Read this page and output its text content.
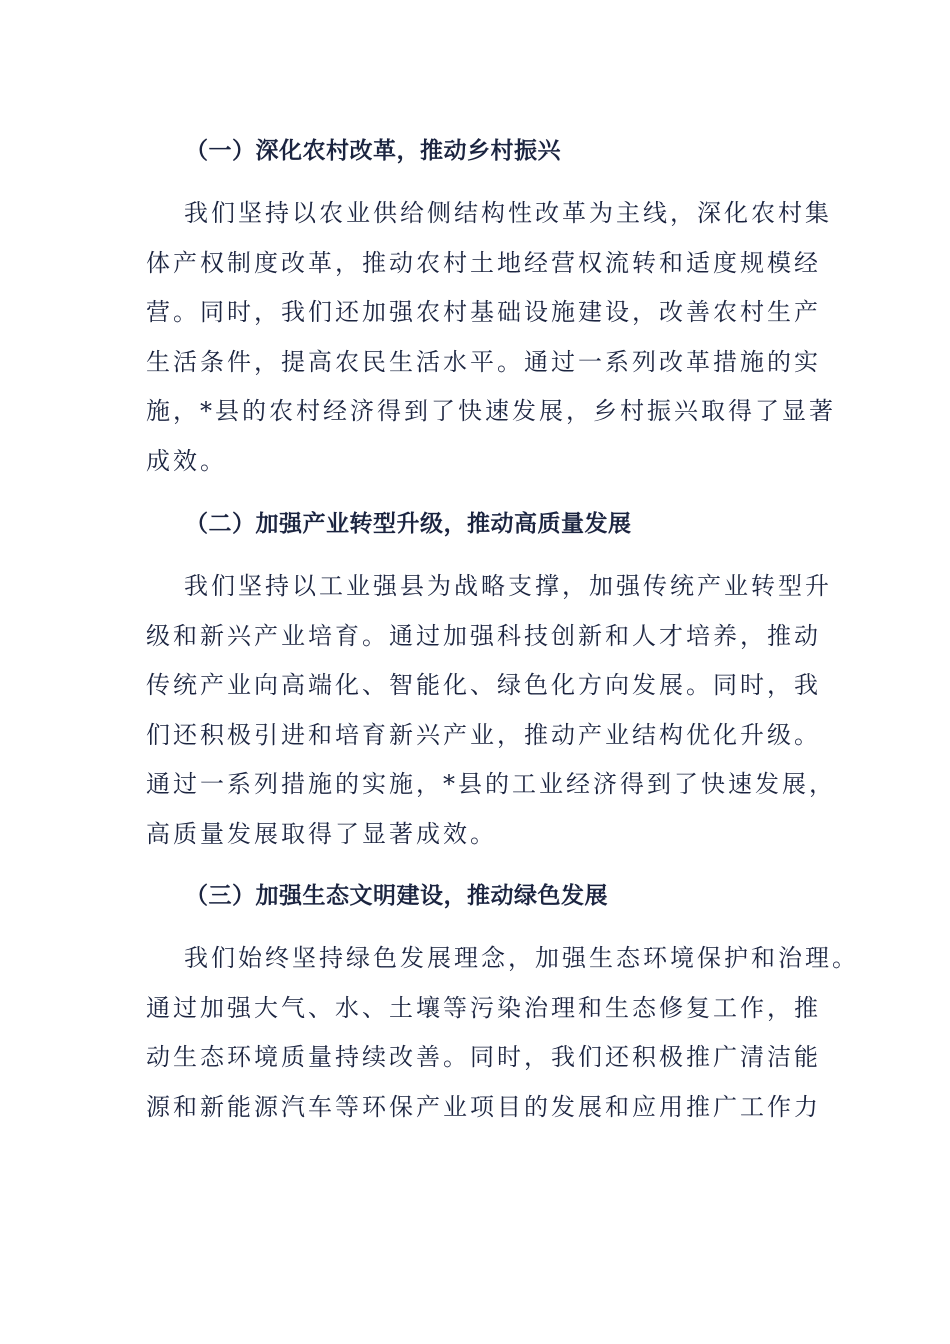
（一）深化农村改革，推动乡村振兴

我们坚持以农业供给侧结构性改革为主线，深化农村集
体产权制度改革，推动农村土地经营权流转和适度规模经
营。同时，我们还加强农村基础设施建设，改善农村生产
生活条件，提高农民生活水平。通过一系列改革措施的实
施，*县的农村经济得到了快速发展，乡村振兴取得了显著
成效。

（二）加强产业转型升级，推动高质量发展

我们坚持以工业强县为战略支撑，加强传统产业转型升
级和新兴产业培育。通过加强科技创新和人才培养，推动
传统产业向高端化、智能化、绿色化方向发展。同时，我
们还积极引进和培育新兴产业，推动产业结构优化升级。
通过一系列措施的实施，*县的工业经济得到了快速发展，
高质量发展取得了显著成效。

（三）加强生态文明建设，推动绿色发展

我们始终坚持绿色发展理念，加强生态环境保护和治理。
通过加强大气、水、土壤等污染治理和生态修复工作，推
动生态环境质量持续改善。同时，我们还积极推广清洁能
源和新能源汽车等环保产业项目的发展和应用推广工作力
